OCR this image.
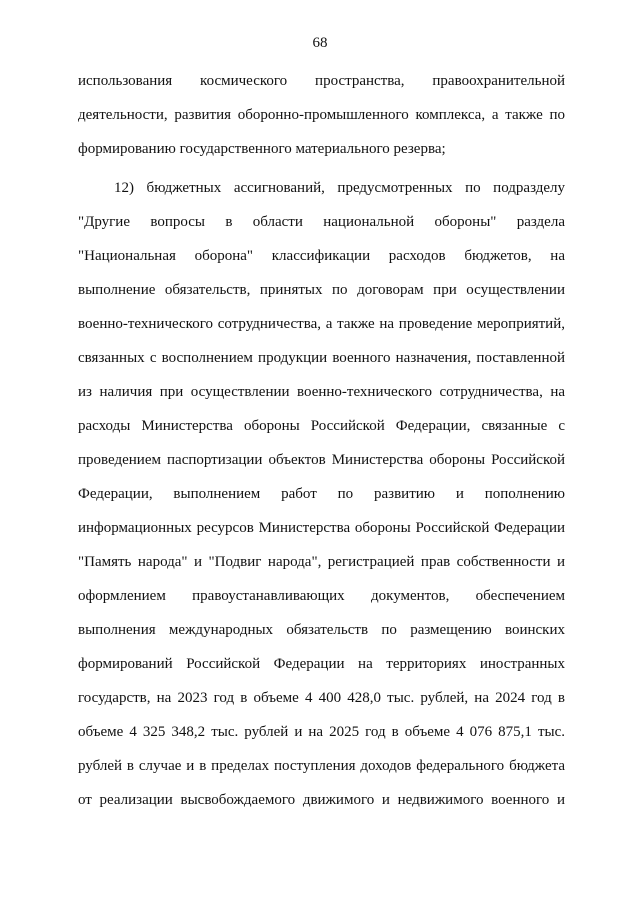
68
использования космического пространства, правоохранительной
деятельности, развития оборонно-промышленного комплекса, а также по
формированию государственного материального резерва;
12) бюджетных ассигнований, предусмотренных по подразделу
"Другие вопросы в области национальной обороны" раздела
"Национальная оборона" классификации расходов бюджетов, на
выполнение обязательств, принятых по договорам при осуществлении
военно-технического сотрудничества, а также на проведение мероприятий,
связанных с восполнением продукции военного назначения, поставленной
из наличия при осуществлении военно-технического сотрудничества, на
расходы Министерства обороны Российской Федерации, связанные с
проведением паспортизации объектов Министерства обороны Российской
Федерации, выполнением работ по развитию и пополнению
информационных ресурсов Министерства обороны Российской Федерации
"Память народа" и "Подвиг народа", регистрацией прав собственности и
оформлением правоустанавливающих документов, обеспечением
выполнения международных обязательств по размещению воинских
формирований Российской Федерации на территориях иностранных
государств, на 2023 год в объеме 4 400 428,0 тыс. рублей, на 2024 год в
объеме 4 325 348,2 тыс. рублей и на 2025 год в объеме 4 076 875,1 тыс.
рублей в случае и в пределах поступления доходов федерального бюджета
от реализации высвобождаемого движимого и недвижимого военного и
